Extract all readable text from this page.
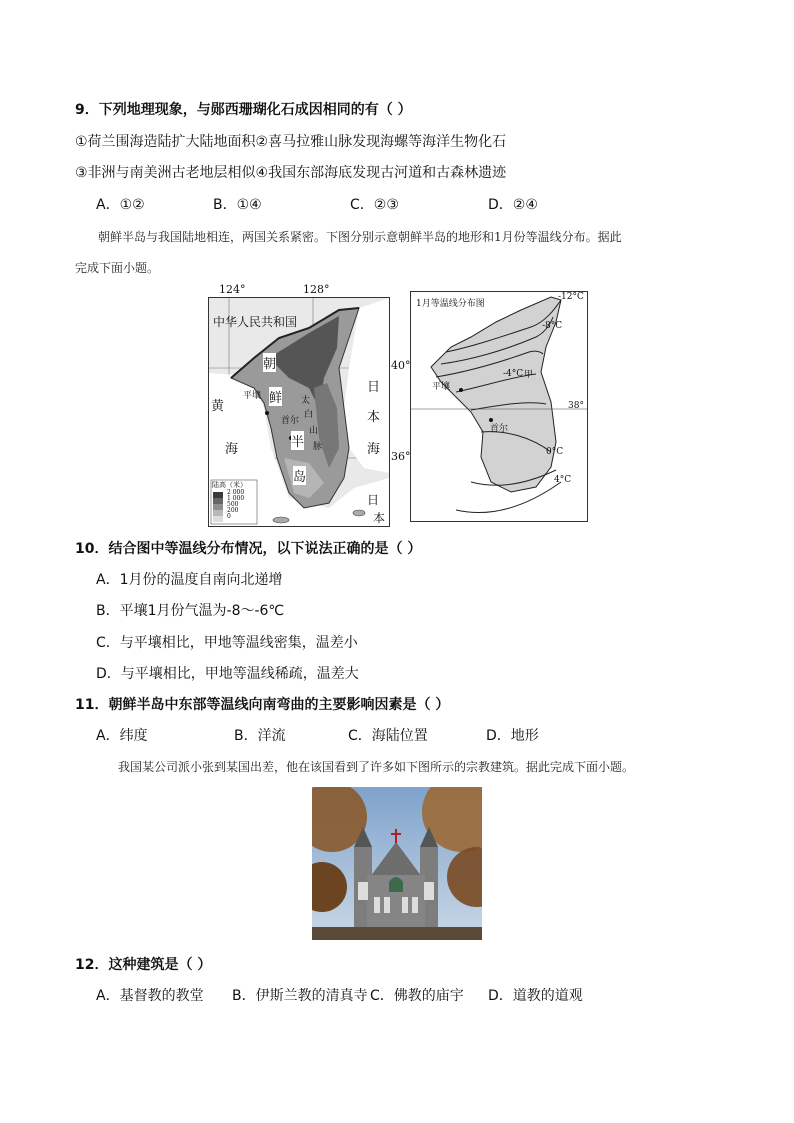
9．下列地理现象，与郧西珊瑚化石成因相同的有（ ）
①荷兰围海造陆扩大陆地面积②喜马拉雅山脉发现海螺等海洋生物化石
③非洲与南美洲古老地层相似④我国东部海底发现古河道和古森林遗迹
A．①②	B．①④	C．②③	D．②④
朝鲜半岛与我国陆地相连，两国关系紧密。下图分别示意朝鲜半岛的地形和1月份等温线分布。据此
完成下面小题。
124°	128°
中华人民共和国
朝
鲜
半
岛
平壤
首尔
太
白
山
脉
黄
海
日
本
海
日
本
40°
36°
陆高（米）
2 000
1 000
500
200
0
1月等温线分布图
-12°C
-8°C
-4°C 甲
0°C
4°C
38°
平壤
首尔
10．结合图中等温线分布情况，以下说法正确的是（ ）
A．1月份的温度自南向北递增
B．平壤1月份气温为-8～-6℃
C．与平壤相比，甲地等温线密集，温差小
D．与平壤相比，甲地等温线稀疏，温差大
11．朝鲜半岛中东部等温线向南弯曲的主要影响因素是（ ）
A．纬度	B．洋流	C．海陆位置	D．地形
我国某公司派小张到某国出差，他在该国看到了许多如下图所示的宗教建筑。据此完成下面小题。
12．这种建筑是（ ）
A．基督教的教堂 B．伊斯兰教的清真寺 C．佛教的庙宇 D．道教的道观
